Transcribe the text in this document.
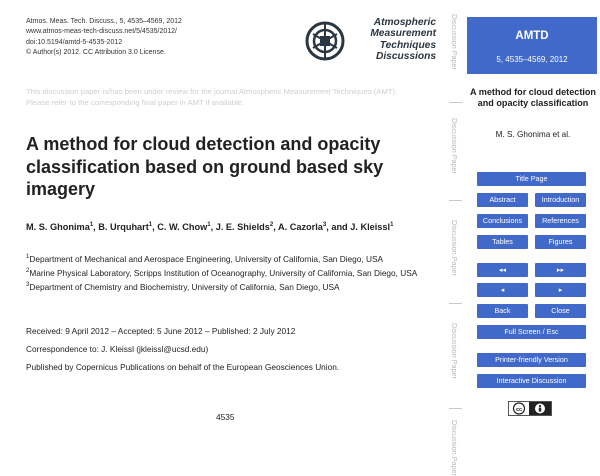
Atmos. Meas. Tech. Discuss., 5, 4535–4569, 2012
www.atmos-meas-tech-discuss.net/5/4535/2012/
doi:10.5194/amtd-5-4535-2012
© Author(s) 2012. CC Attribution 3.0 License.
Atmospheric
Measurement
Techniques
Discussions
This discussion paper is/has been under review for the journal Atmospheric Measurement Techniques (AMT). Please refer to the corresponding final paper in AMT if available.
A method for cloud detection and opacity classification based on ground based sky imagery
M. S. Ghonima$^1$, B. Urquhart$^1$, C. W. Chow$^1$, J. E. Shields$^2$, A. Cazorla$^3$, and J. Kleissl$^1$

$^1$Department of Mechanical and Aerospace Engineering, University of California, San Diego, USA

$^2$Marine Physical Laboratory, Scripps Institution of Oceanography, University of California, San Diego, USA

$^3$Department of Chemistry and Biochemistry, University of California, San Diego, USA

Received: 9 April 2012 – Accepted: 5 June 2012 – Published: 2 July 2012

Correspondence to: J. Kleissl (jkleissl@ucsd.edu)

Published by Copernicus Publications on behalf of the European Geosciences Union.

4535
Discussion Paper
Discussion Paper
Discussion Paper
Discussion Paper
Discussion Paper
AMTD
5, 4535–4569, 2012
A method for cloud detection and opacity classification
M. S. Ghonima et al.
Title Page
Abstract	Introduction
Conclusions	References
Tables	Figures
◂◂	▸▸
◂	▸
Back	Close
Full Screen / Esc
Printer-friendly Version
Interactive Discussion
cc
